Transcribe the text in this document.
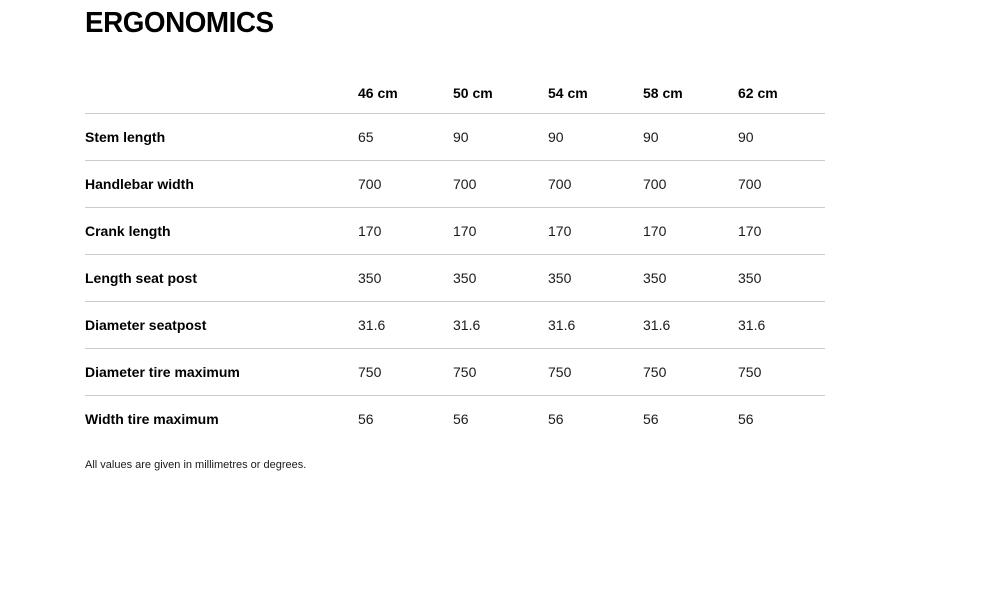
ERGONOMICS
	46 cm	50 cm	54 cm	58 cm	62 cm
Stem length	65	90	90	90	90
Handlebar width	700	700	700	700	700
Crank length	170	170	170	170	170
Length seat post	350	350	350	350	350
Diameter seatpost	31.6	31.6	31.6	31.6	31.6
Diameter tire maximum	750	750	750	750	750
Width tire maximum	56	56	56	56	56
All values are given in millimetres or degrees.
